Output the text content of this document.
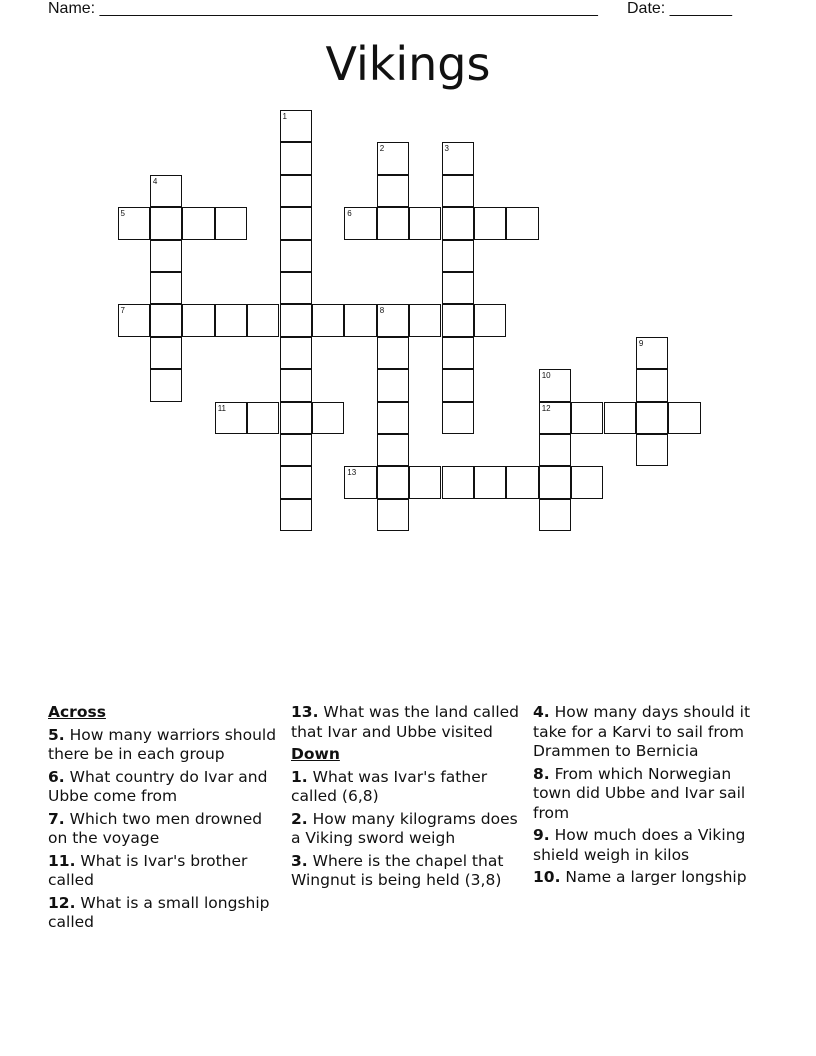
Name: ________________________________________________________ Date: _______
Vikings
1
2	3
4
5	6
7	8
9
10
12
11
13
Across
5. How many warriors should there be in each group
6. What country do Ivar and Ubbe come from
7. Which two men drowned on the voyage
11. What is Ivar's brother called
12. What is a small longship called
13. What was the land called that Ivar and Ubbe visited
Down
1. What was Ivar's father called (6,8)
2. How many kilograms does a Viking sword weigh
3. Where is the chapel that Wingnut is being held (3,8)
4. How many days should it take for a Karvi to sail from Drammen to Bernicia
8. From which Norwegian town did Ubbe and Ivar sail from
9. How much does a Viking shield weigh in kilos
10. Name a larger longship
